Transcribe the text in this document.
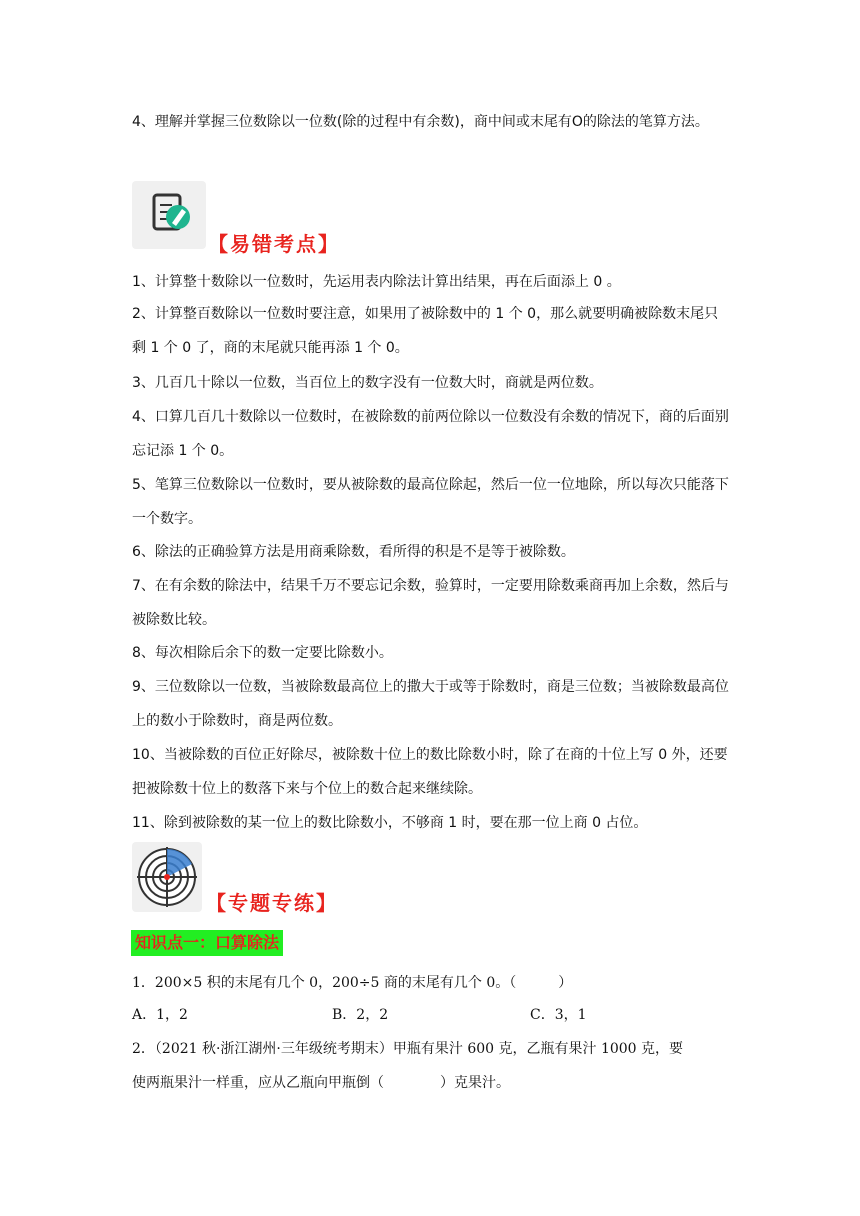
4、理解并掌握三位数除以一位数(除的过程中有余数)，商中间或末尾有O的除法的笔算方法。

【易错考点】

1、计算整十数除以一位数时，先运用表内除法计算出结果，再在后面添上 0 。

2、计算整百数除以一位数时要注意，如果用了被除数中的 1 个 0，那么就要明确被除数末尾只剩 1 个 0 了，商的末尾就只能再添 1 个 0。

3、几百几十除以一位数，当百位上的数字没有一位数大时，商就是两位数。

4、口算几百几十数除以一位数时，在被除数的前两位除以一位数没有余数的情况下，商的后面别忘记添 1 个 0。

5、笔算三位数除以一位数时，要从被除数的最高位除起，然后一位一位地除，所以每次只能落下一个数字。

6、除法的正确验算方法是用商乘除数，看所得的积是不是等于被除数。

7、在有余数的除法中，结果千万不要忘记余数，验算时，一定要用除数乘商再加上余数，然后与被除数比较。

8、每次相除后余下的数一定要比除数小。

9、三位数除以一位数，当被除数最高位上的撒大于或等于除数时，商是三位数；当被除数最高位上的数小于除数时，商是两位数。

10、当被除数的百位正好除尽，被除数十位上的数比除数小时，除了在商的十位上写 0 外，还要把被除数十位上的数落下来与个位上的数合起来继续除。

11、除到被除数的某一位上的数比除数小，不够商 1 时，要在那一位上商 0 占位。

【专题专练】
知识点一：口算除法
1．200×5 积的末尾有几个 0，200÷5 商的末尾有几个 0。（　　　）
A．1，2	B．2，2	C．3，1
2．（2021 秋·浙江湖州·三年级统考期末）甲瓶有果汁 600 克，乙瓶有果汁 1000 克，要
使两瓶果汁一样重，应从乙瓶向甲瓶倒（　　　　）克果汁。
